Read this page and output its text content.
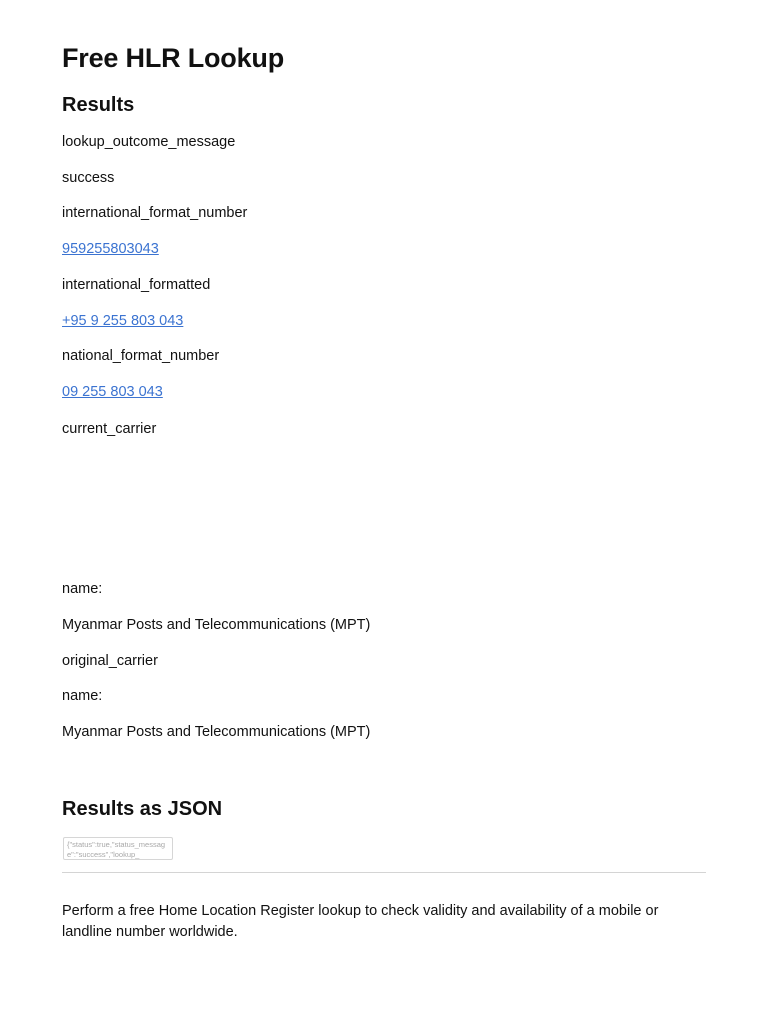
Free HLR Lookup
Results
lookup_outcome_message
success
international_format_number
959255803043
international_formatted
+95 9 255 803 043
national_format_number
09 255 803 043
current_carrier
name:
Myanmar Posts and Telecommunications (MPT)
original_carrier
name:
Myanmar Posts and Telecommunications (MPT)
Results as JSON
{"status":true,"status_message":"success","lookup_

Perform a free Home Location Register lookup to check validity and availability of a mobile or landline number worldwide.
